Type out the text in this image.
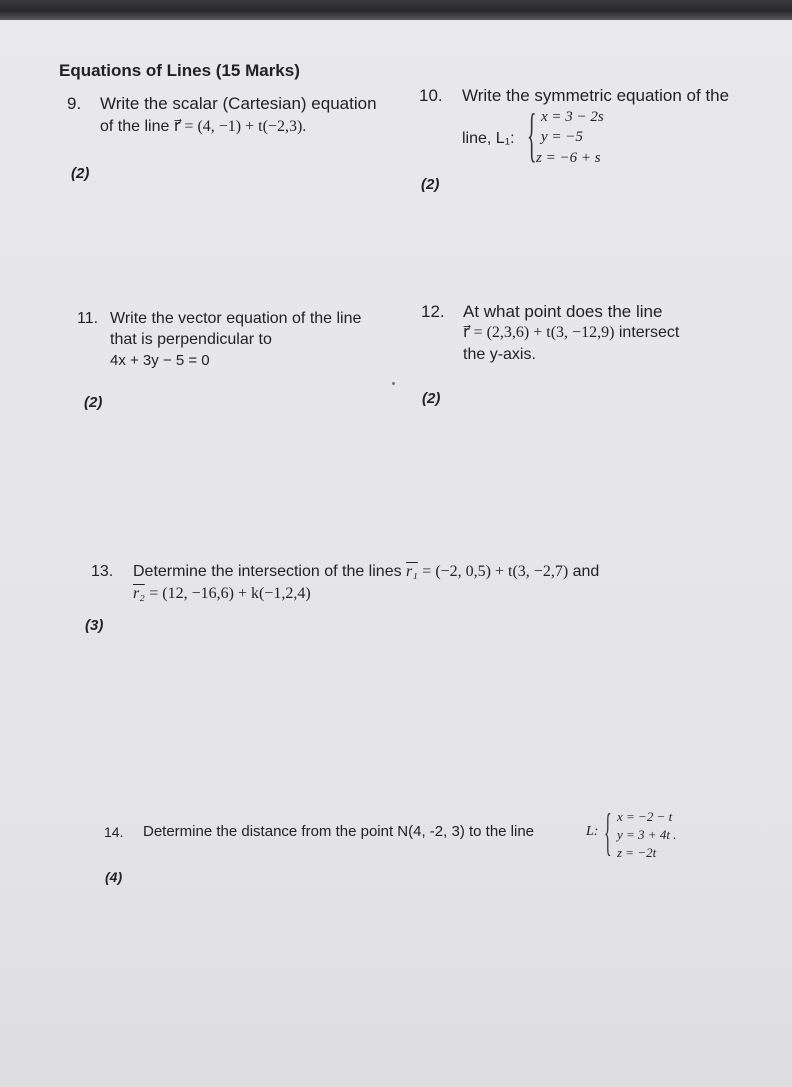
Equations of Lines (15 Marks)
9. Write the scalar (Cartesian) equation
of the line r⃗ = (4, −1) + t(−2,3).
(2)
10. Write the symmetric equation of the
line, L₁: { x = 3 − 2s
y = −5
z = −6 + s
(2)
11. Write the vector equation of the line
that is perpendicular to
4x + 3y − 5 = 0
(2)
12. At what point does the line
r⃗ = (2,3,6) + t(3, −12,9) intersect
the y-axis.
(2)
13. Determine the intersection of the lines r₁ = (−2, 0,5) + t(3, −2,7) and
r₂ = (12, −16,6) + k(−1,2,4)
(3)
14. Determine the distance from the point N(4, -2, 3) to the line	L: { x = −2 − t
y = 3 + 4t .
z = −2t
(4)
